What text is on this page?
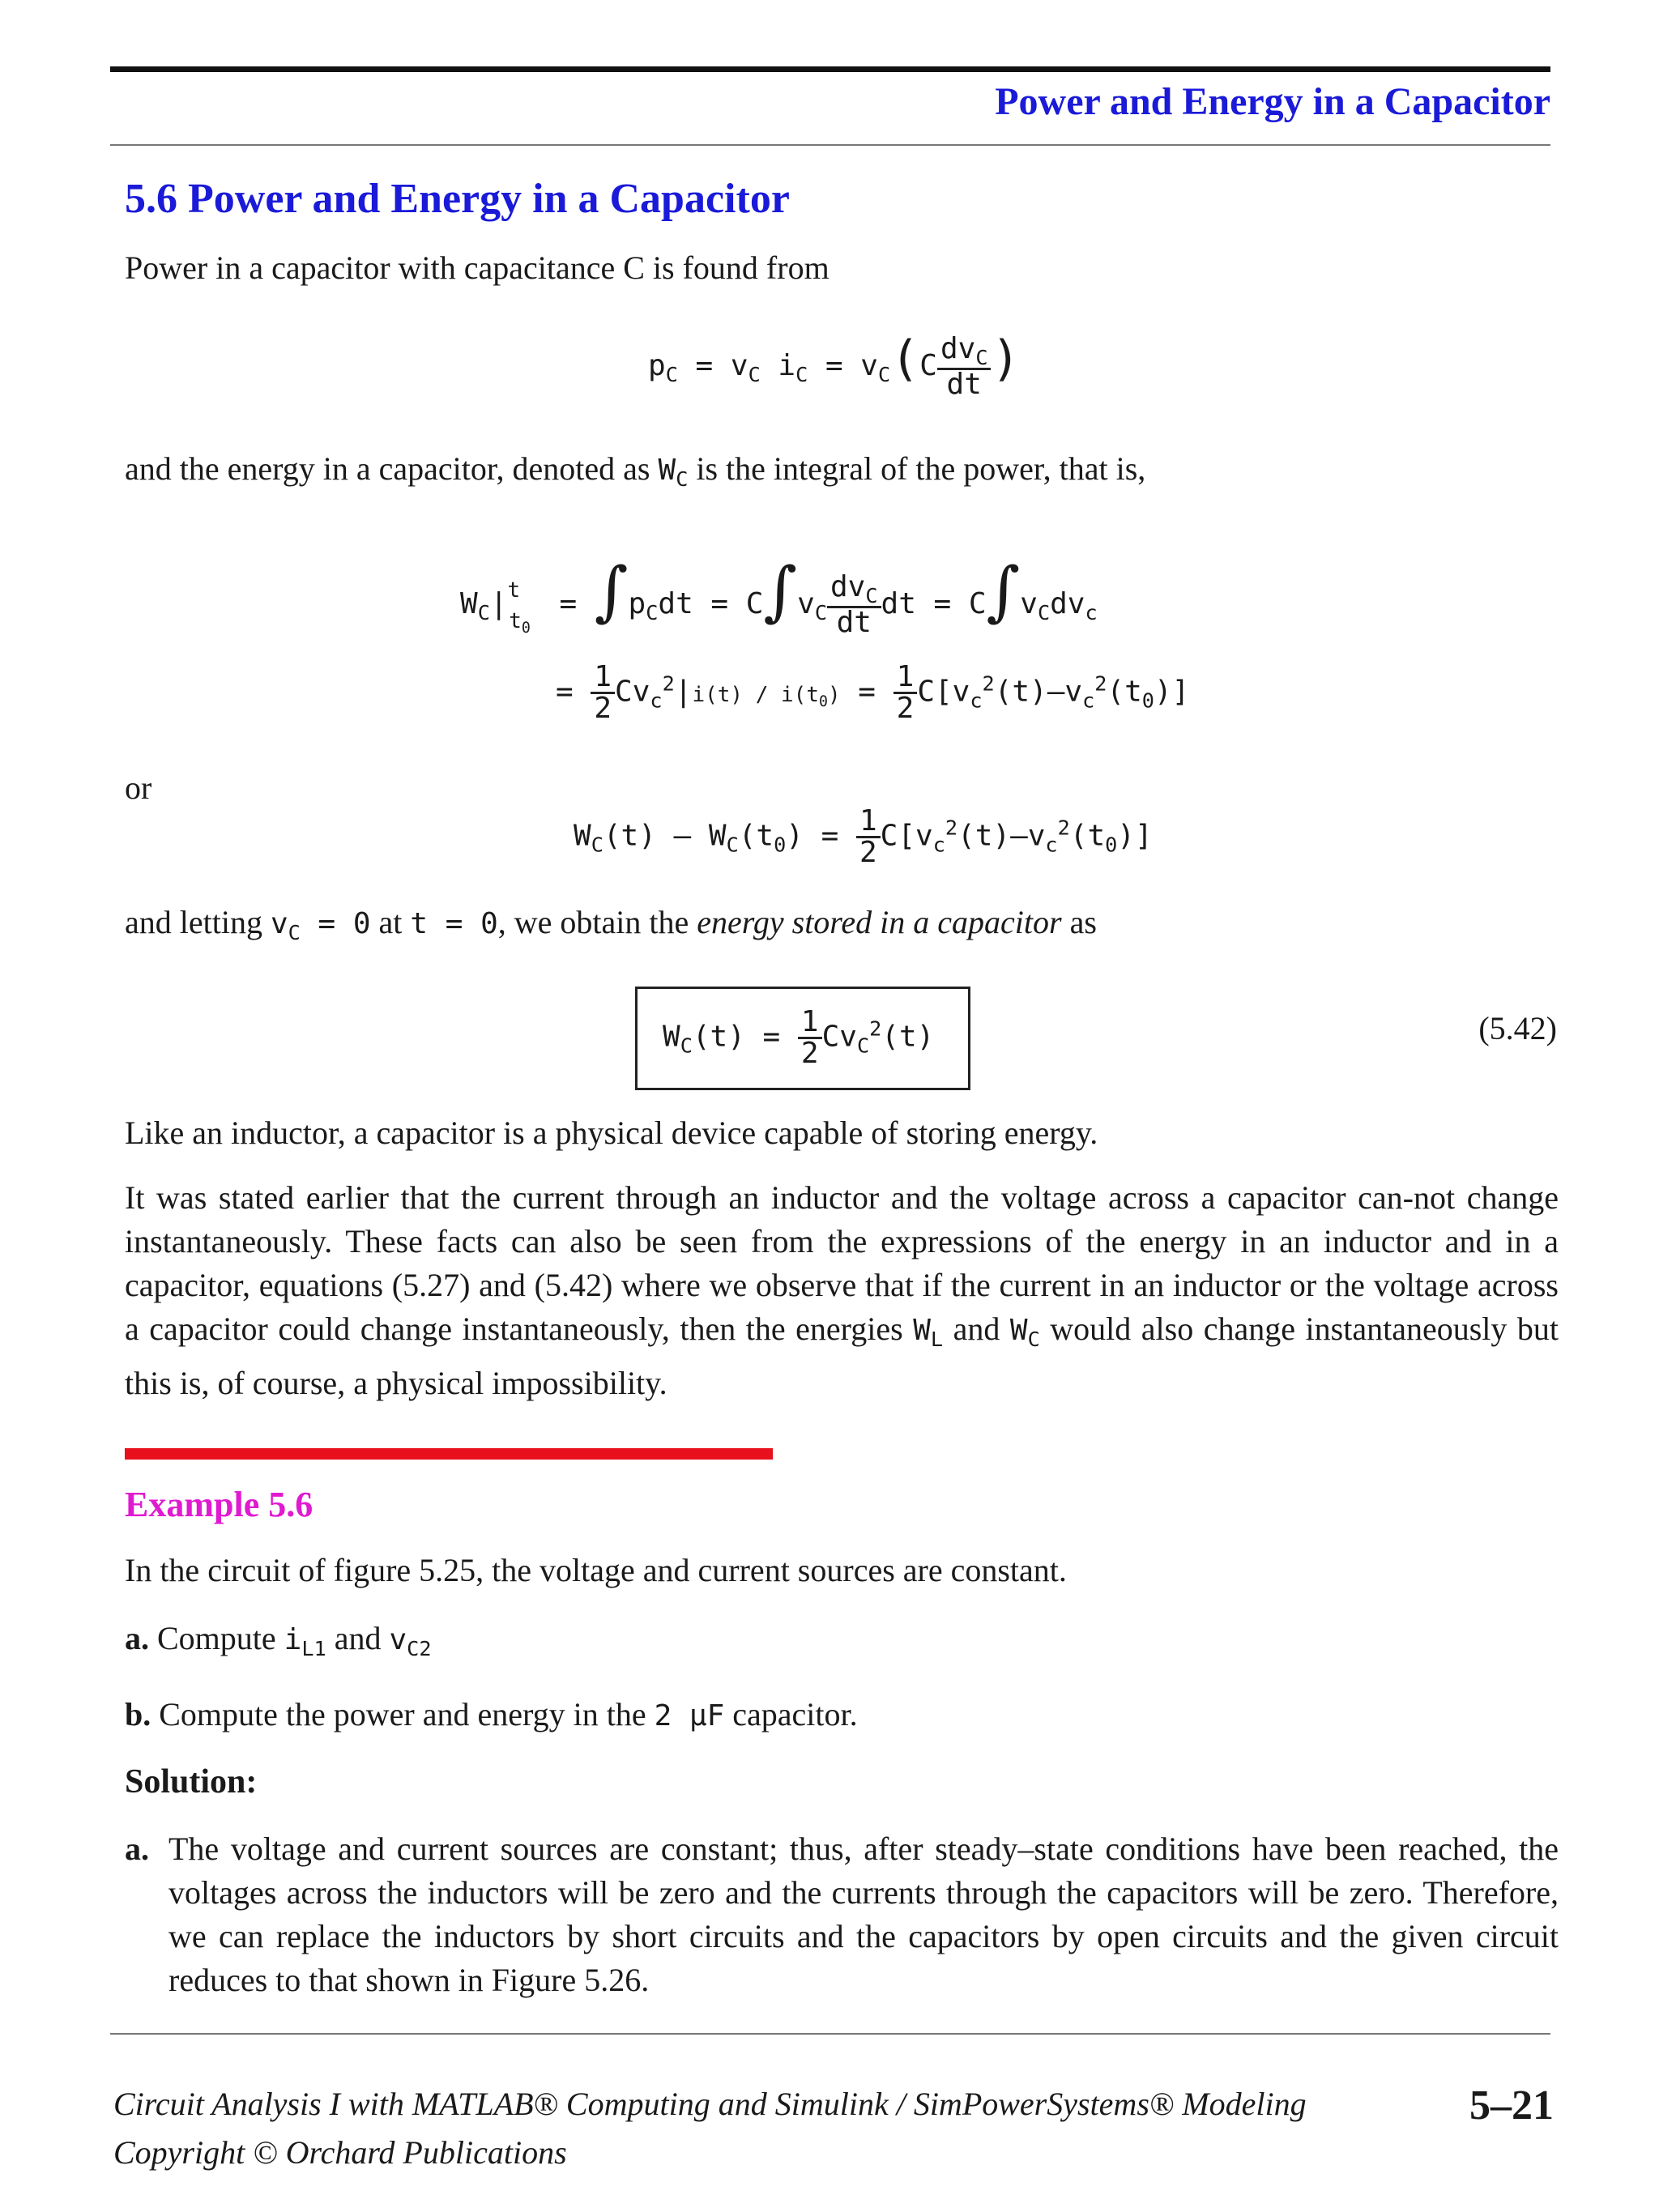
Power and Energy in a Capacitor
5.6 Power and Energy in a Capacitor
Power in a capacitor with capacitance C is found from
$p_C = v_C$ $i_C = v_C(C \frac{dv_C}{dt}$ )
and the energy in a capacitor, denoted as $W_C$ is the integral of the power, that is,
$W_C|^t_{t_0} = \int p_Cdt = C\int v_C \frac{dv_C}{dt}$ dt = $C\int v_Cdv_c$
= $\frac{1}{2} Cv_c^2|i(t) / i(t_0) = \frac{1}{2} C[v_c^2(t)-v_c^2(t_0)]$
or
$W_C(t) - W_C(t_0) = \frac{1}{2} C[v_c^2(t)-v_c^2(t_0)]$
and letting $v_C = 0$ at t = 0, we obtain the energy stored in a capacitor as
$W_C(t) = \frac{1}{2} Cv_C^2(t)$	(5.42)
Like an inductor, a capacitor is a physical device capable of storing energy.
It was stated earlier that the current through an inductor and the voltage across a capacitor can-not change instantaneously. These facts can also be seen from the expressions of the energy in an inductor and in a capacitor, equations (5.27) and (5.42) where we observe that if the current in an inductor or the voltage across a capacitor could change instantaneously, then the energies $W_L$ and $W_C$ would also change instantaneously but this is, of course, a physical impossibility.
Example 5.6
In the circuit of figure 5.25, the voltage and current sources are constant.
a. Compute $i_{L1}$ and $v_{C2}$
b. Compute the power and energy in the 2 μF capacitor.
Solution:
a. The voltage and current sources are constant; thus, after steady–state conditions have been reached, the voltages across the inductors will be zero and the currents through the capacitors will be zero. Therefore, we can replace the inductors by short circuits and the capacitors by open circuits and the given circuit reduces to that shown in Figure 5.26.
Circuit Analysis I with MATLAB® Computing and Simulink / SimPowerSystems® Modeling
Copyright © Orchard Publications
5–21
